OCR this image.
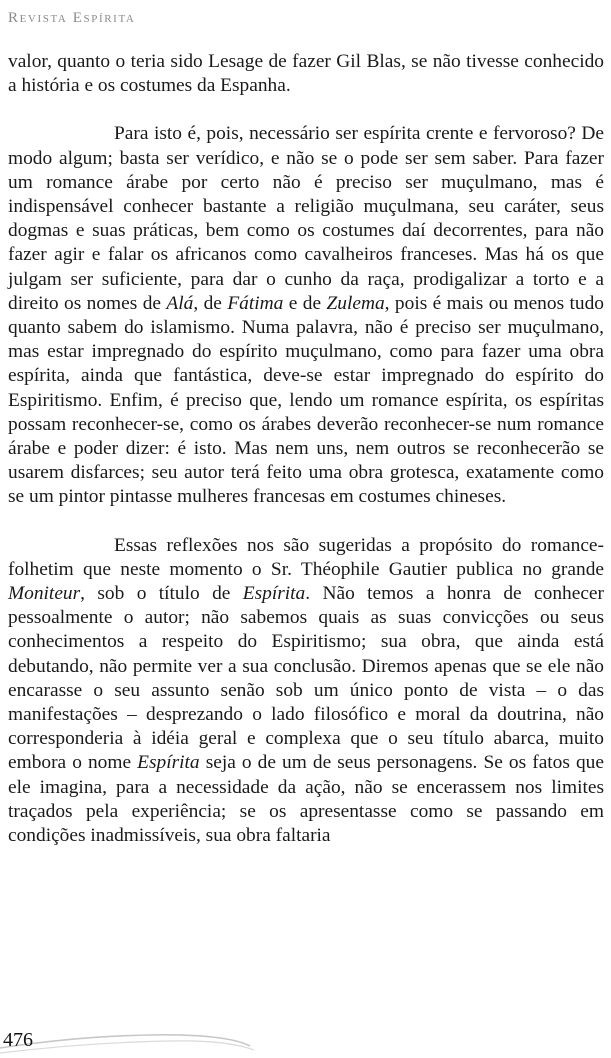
Revista Espírita

valor, quanto o teria sido Lesage de fazer Gil Blas, se não tivesse conhecido a história e os costumes da Espanha.

Para isto é, pois, necessário ser espírita crente e fervoroso? De modo algum; basta ser verídico, e não se o pode ser sem saber. Para fazer um romance árabe por certo não é preciso ser muçulmano, mas é indispensável conhecer bastante a religião muçulmana, seu caráter, seus dogmas e suas práticas, bem como os costumes daí decorrentes, para não fazer agir e falar os africanos como cavalheiros franceses. Mas há os que julgam ser suficiente, para dar o cunho da raça, prodigalizar a torto e a direito os nomes de Alá, de Fátima e de Zulema, pois é mais ou menos tudo quanto sabem do islamismo. Numa palavra, não é preciso ser muçulmano, mas estar impregnado do espírito muçulmano, como para fazer uma obra espírita, ainda que fantástica, deve-se estar impregnado do espírito do Espiritismo. Enfim, é preciso que, lendo um romance espírita, os espíritas possam reconhecer-se, como os árabes deverão reconhecer-se num romance árabe e poder dizer: é isto. Mas nem uns, nem outros se reconhecerão se usarem disfarces; seu autor terá feito uma obra grotesca, exatamente como se um pintor pintasse mulheres francesas em costumes chineses.

Essas reflexões nos são sugeridas a propósito do romance-folhetim que neste momento o Sr. Théophile Gautier publica no grande Moniteur, sob o título de Espírita. Não temos a honra de conhecer pessoalmente o autor; não sabemos quais as suas convicções ou seus conhecimentos a respeito do Espiritismo; sua obra, que ainda está debutando, não permite ver a sua conclusão. Diremos apenas que se ele não encarasse o seu assunto senão sob um único ponto de vista – o das manifestações – desprezando o lado filosófico e moral da doutrina, não corresponderia à idéia geral e complexa que o seu título abarca, muito embora o nome Espírita seja o de um de seus personagens. Se os fatos que ele imagina, para a necessidade da ação, não se encerassem nos limites traçados pela experiência; se os apresentasse como se passando em condições inadmissíveis, sua obra faltaria

476
